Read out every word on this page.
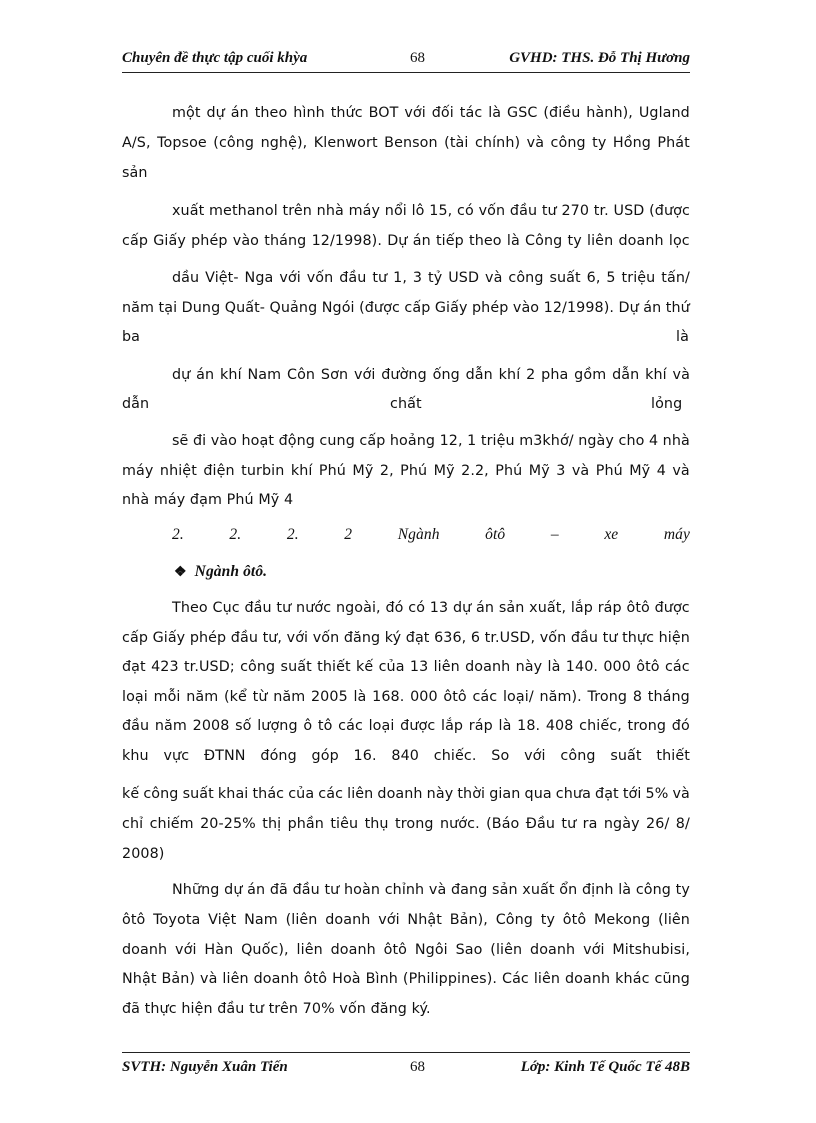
Chuyên đề thực tập cuối khỳa	68	GVHD: THS. Đỗ Thị Hương
một dự án theo hình thức BOT với đối tác là GSC (điều hành), Ugland
A/S, Topsoe (công nghệ), Klenwort Benson (tài chính) và công ty Hồng Phát
sản
xuất methanol trên nhà máy nổi lô 15, có vốn đầu tư 270 tr. USD (được
cấp Giấy phép vào tháng 12/1998). Dự án tiếp theo là Công ty liên doanh lọc
dầu Việt- Nga với vốn đầu tư 1, 3 tỷ USD và công suất 6, 5 triệu tấn/
năm tại Dung Quất- Quảng Ngói (được cấp Giấy phép vào 12/1998). Dự án thứ
ba	là
dự án khí Nam Côn Sơn với đường ống dẫn khí 2 pha gồm dẫn khí và
dẫn	chất	lỏng
sẽ đi vào hoạt động cung cấp hoảng 12, 1 triệu m3khớ/ ngày cho 4 nhà
máy nhiệt điện turbin khí Phú Mỹ 2, Phú Mỹ 2.2, Phú Mỹ 3 và Phú Mỹ 4 và
nhà máy đạm Phú Mỹ 4
2.	2.	2.	2	Ngành	ôtô	–	xe	máy
❖ Ngành ôtô.
Theo Cục đầu tư nước ngoài, đó có 13 dự án sản xuất, lắp ráp ôtô được
cấp Giấy phép đầu tư, với vốn đăng ký đạt 636, 6 tr.USD, vốn đầu tư thực hiện
đạt 423 tr.USD; công suất thiết kế của 13 liên doanh này là 140. 000 ôtô các
loại mỗi năm (kể từ năm 2005 là 168. 000 ôtô các loại/ năm). Trong 8 tháng
đầu năm 2008 số lượng ô tô các loại được lắp ráp là 18. 408 chiếc, trong đó
khu vực ĐTNN đóng góp 16. 840 chiếc. So với công suất thiết
kế công suất khai thác của các liên doanh này thời gian qua chưa đạt tới 5% và
chỉ chiếm 20-25% thị phần tiêu thụ trong nước. (Báo Đầu tư ra ngày 26/ 8/
2008)
Những dự án đã đầu tư hoàn chỉnh và đang sản xuất ổn định là công ty
ôtô Toyota Việt Nam (liên doanh với Nhật Bản), Công ty ôtô Mekong (liên
doanh với Hàn Quốc), liên doanh ôtô Ngôi Sao (liên doanh với Mitshubisi,
Nhật Bản) và liên doanh ôtô Hoà Bình (Philippines). Các liên doanh khác cũng
đã thực hiện đầu tư trên 70% vốn đăng ký.
SVTH: Nguyễn Xuân Tiến	68	Lớp: Kinh Tế Quốc Tế 48B
